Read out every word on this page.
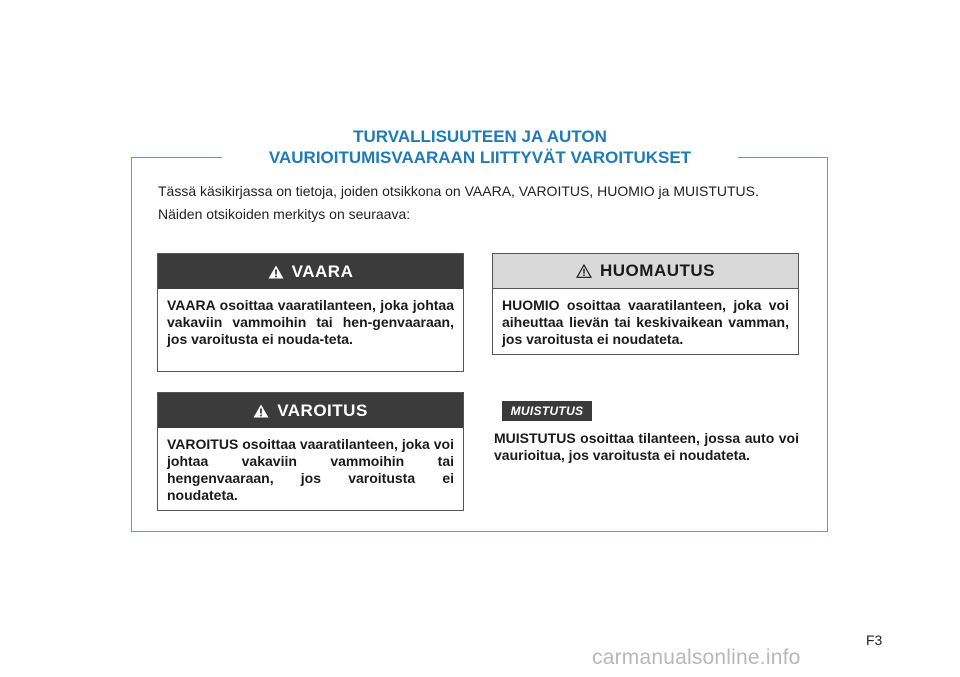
TURVALLISUUTEEN JA AUTON
VAURIOITUMISVAARAAN LIITTYVÄT VAROITUKSET

Tässä käsikirjassa on tietoja, joiden otsikkona on VAARA, VAROITUS, HUOMIO ja MUISTUTUS.

Näiden otsikoiden merkitys on seuraava:

VAARA
VAARA osoittaa vaaratilanteen, joka johtaa vakaviin vammoihin tai hen-genvaaraan, jos varoitusta ei nouda-teta.
HUOMAUTUS
HUOMIO osoittaa vaaratilanteen, joka voi aiheuttaa lievän tai keskivaikean vamman, jos varoitusta ei noudateta.
VAROITUS
VAROITUS osoittaa vaaratilanteen, joka voi johtaa vakaviin vammoihin tai hengenvaaraan, jos varoitusta ei noudateta.
MUISTUTUS
MUISTUTUS osoittaa tilanteen, jossa auto voi vaurioitua, jos varoitusta ei noudateta.
F3
carmanualsonline.info
